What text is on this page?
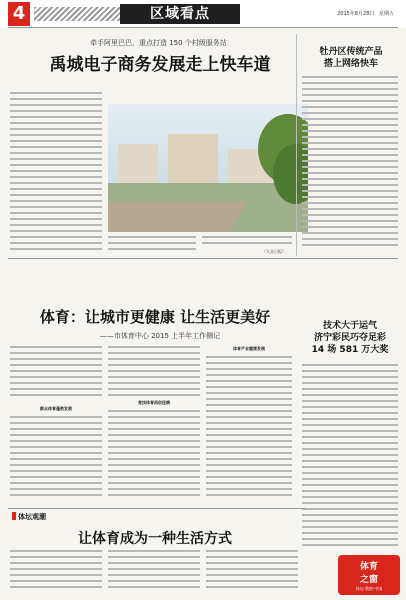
4	区域看点	2015年8月28日 星期五
牵手阿里巴巴，重点打造 150 个村级服务站
禹城电子商务发展走上快车道
（大众日报）
牡丹区传统产品
搭上网络快车
体育：让城市更健康 让生活更美好
——市体育中心 2015 上半年工作侧记
群众体育蓬勃发展
竞技体育再创佳绩
体育产业健康发展
技术大于运气
济宁彩民巧夺足彩
14 场 581 万大奖
体坛观潮
让体育成为一种生活方式
体育
之窗
体坛·我的·中国
